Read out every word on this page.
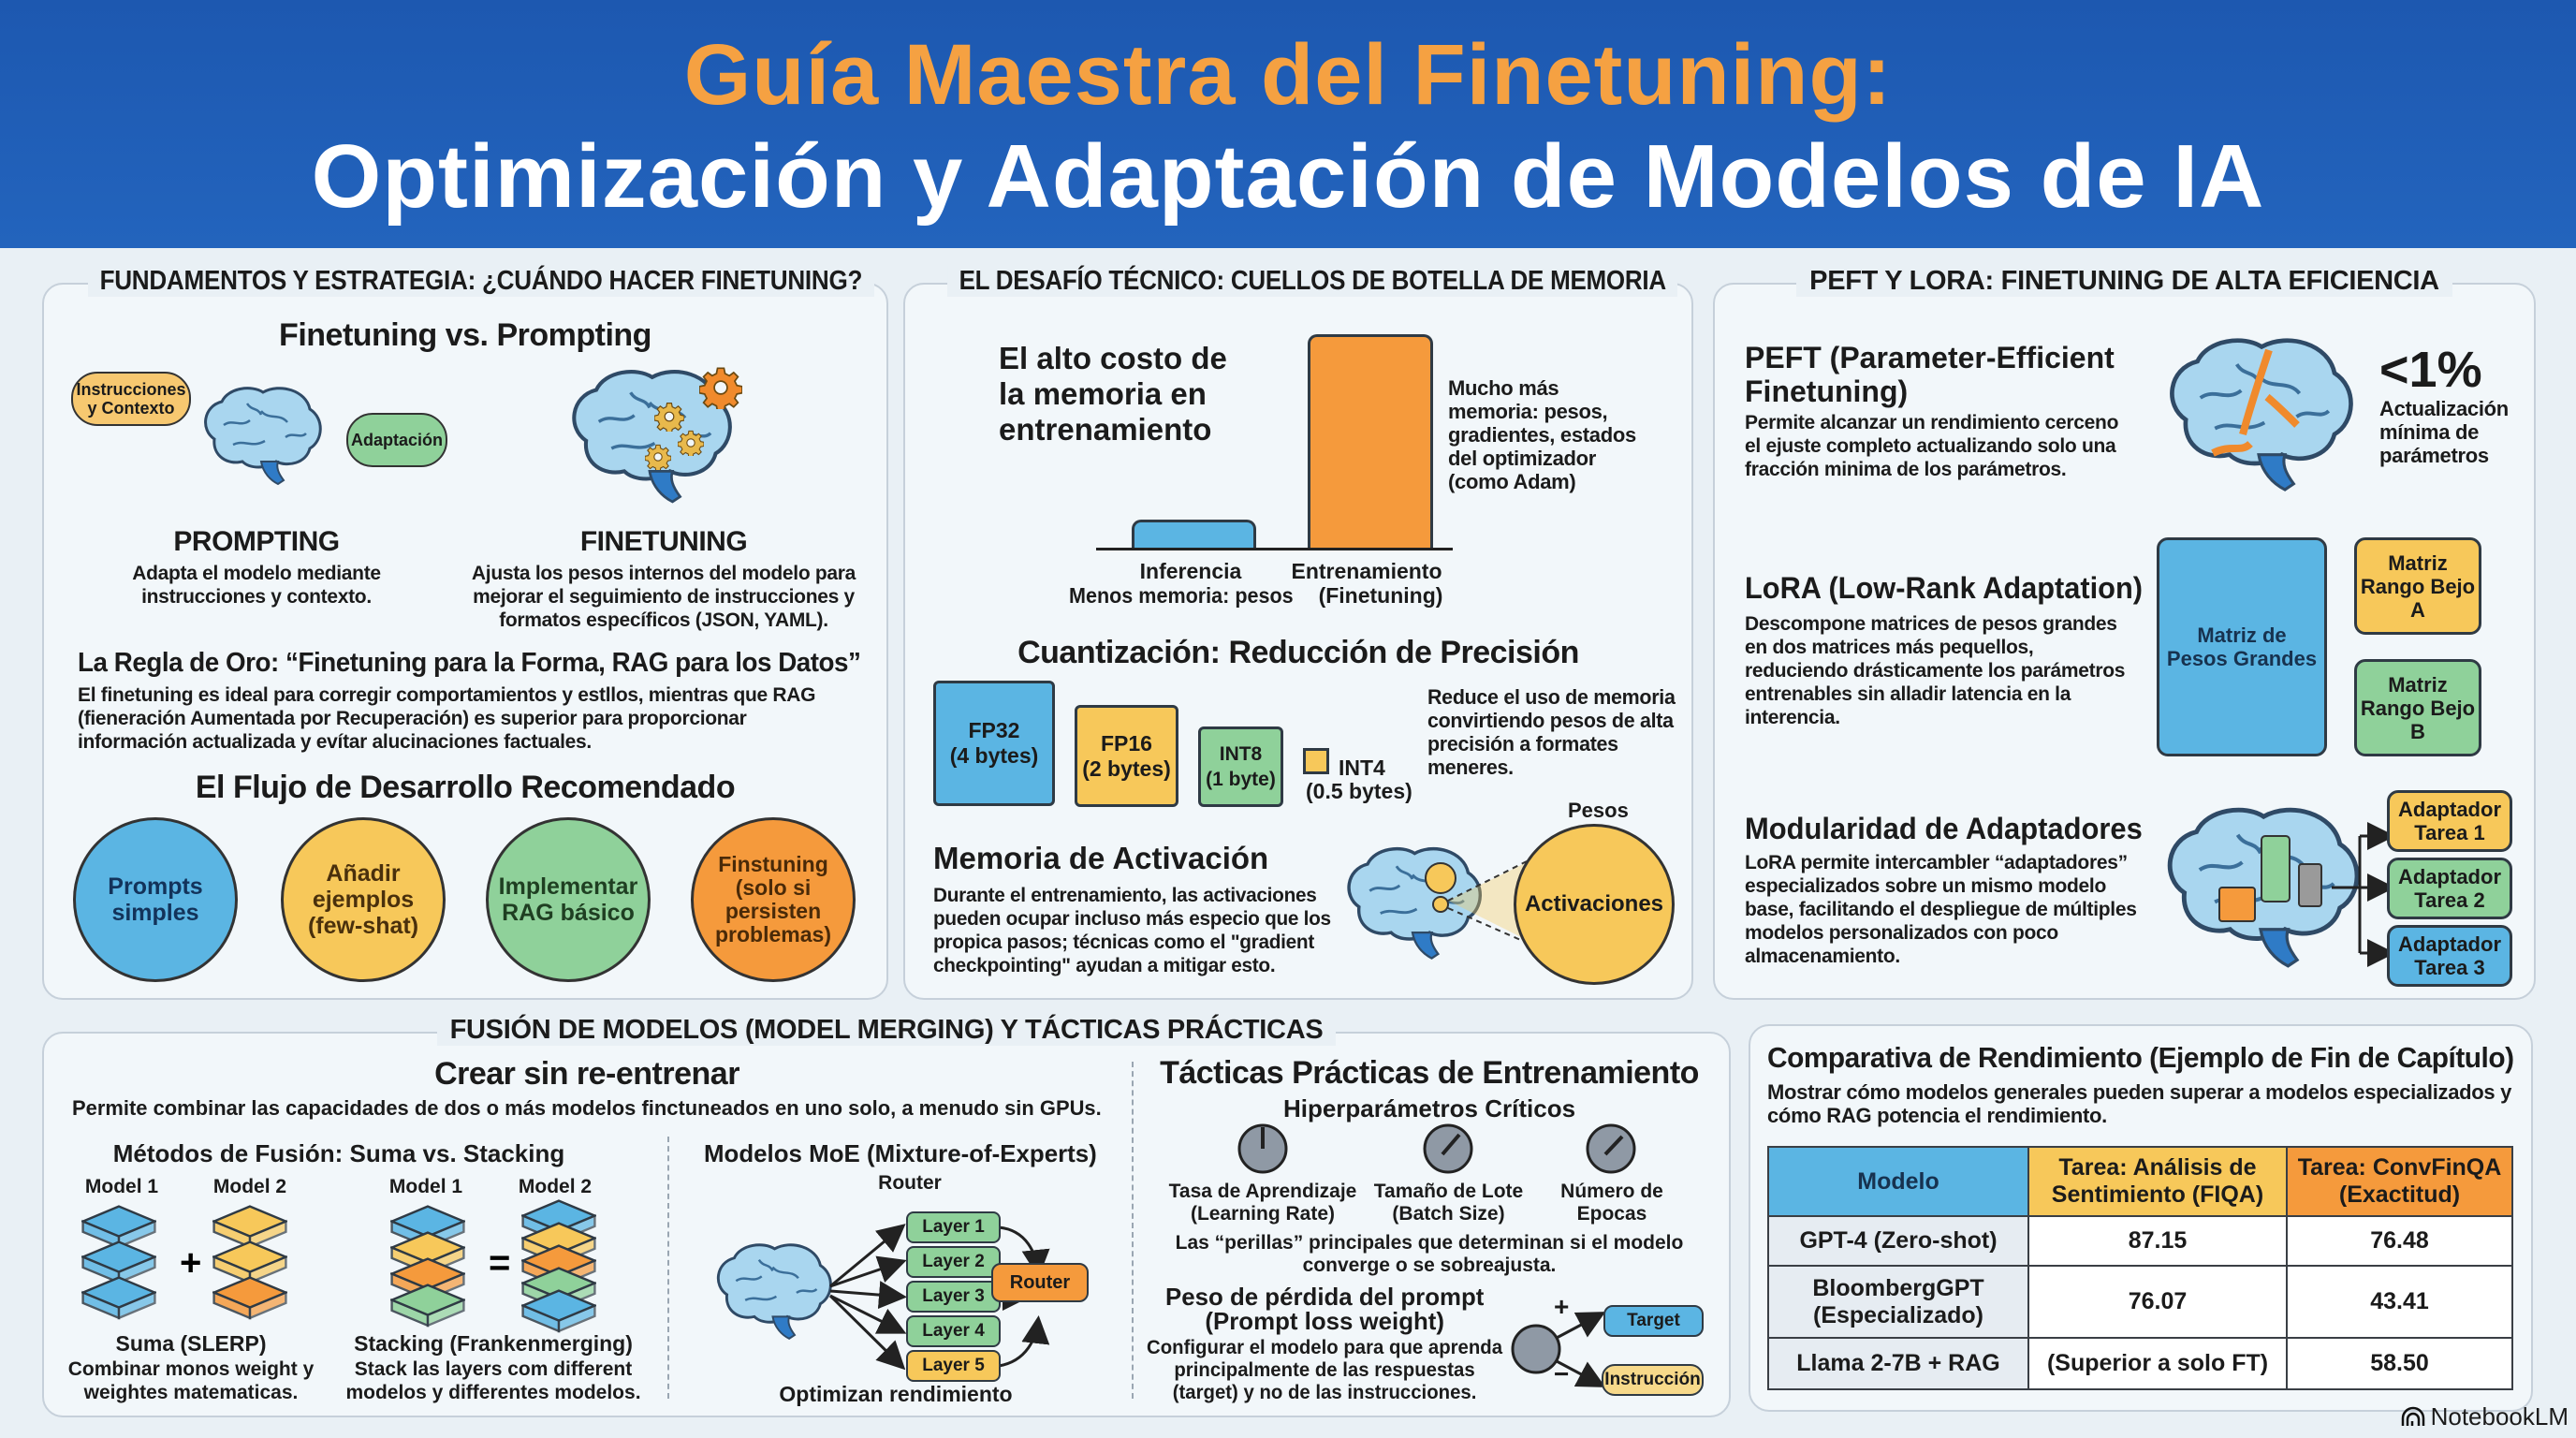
Guía Maestra del Finetuning:
Optimización y Adaptación de Modelos de IA
FUNDAMENTOS Y ESTRATEGIA: ¿CUÁNDO HACER FINETUNING?
Finetuning vs. Prompting
Instrucciones
y Contexto
Adaptación
PROMPTING
Adapta el modelo mediante
instrucciones y contexto.
FINETUNING
Ajusta los pesos internos del modelo para
mejorar el seguimiento de instrucciones y
formatos específicos (JSON, YAML).
La Regla de Oro: “Finetuning para la Forma, RAG para los Datos”
El finetuning es ideal para corregir comportamientos y estllos, mientras que RAG
(fieneración Aumentada por Recuperación) es superior para proporcionar
información actualizada y evítar alucinaciones factuales.
El Flujo de Desarrollo Recomendado
Prompts
simples
Añadir
ejemplos
(few-shat)
Implementar
RAG básico
Finstuning
(solo si
persisten
problemas)
EL DESAFÍO TÉCNICO: CUELLOS DE BOTELLA DE MEMORIA
El alto costo de
la memoria en
entrenamiento
Mucho más
memoria: pesos,
gradientes, estados
del optimizador
(como Adam)
Inferencia
Menos memoria: pesos
Entrenamiento
(Finetuning)
Cuantización: Reducción de Precisión
FP32
(4 bytes)
FP16
(2 bytes)
INT8
(1 byte)	INT4
(0.5 bytes)
Reduce el uso de memoria
convirtiendo pesos de alta
precisión a formates
meneres.
Pesos
Memoria de Activación
Durante el entrenamiento, las activaciones
pueden ocupar incluso más especio que los
propica pasos; técnicas como el "gradient
checkpointing" ayudan a mitigar esto.
Activaciones
PEFT Y LORA: FINETUNING DE ALTA EFICIENCIA
PEFT (Parameter-Efficient
Finetuning)
Permite alcanzar un rendimiento cerceno
el ejuste completo actualizando solo una
fracción minima de los parámetros.
<1%
Actualización
mínima de
parámetros
LoRA (Low-Rank Adaptation)
Descompone matrices de pesos grandes
en dos matrices más pequellos,
reduciendo drásticamente los parámetros
entrenables sin alladir latencia en la
interencia.
Matriz de
Pesos Grandes
Matriz
Rango Bejo
A
Matriz
Rango Bejo
B
Modularidad de Adaptadores
LoRA permite intercambler “adaptadores”
especializados sobre un mismo modelo
base, facilitando el despliegue de múltiples
modelos personalizados con poco
almacenamiento.
Adaptador
Tarea 1
Adaptador
Tarea 2
Adaptador
Tarea 3
FUSIÓN DE MODELOS (MODEL MERGING) Y TÁCTICAS PRÁCTICAS
Crear sin re-entrenar
Permite combinar las capacidades de dos o más modelos finctuneados en uno solo, a menudo sin GPUs.
Métodos de Fusión: Suma vs. Stacking
Model 1	Model 2	Model 1	Model 2
+	=
Suma (SLERP)
Combinar monos weight y
weightes matematicas.
Stacking (Frankenmerging)
Stack las layers com different
modelos y differentes modelos.
Modelos MoE (Mixture-of-Experts)
Router
Layer 1
Layer 2
Layer 3
Layer 4
Layer 5
Router
Optimizan rendimiento
Tácticas Prácticas de Entrenamiento
Hiperparámetros Críticos
Tasa de Aprendizaje
(Learning Rate)
Tamaño de Lote
(Batch Size)
Número de
Epocas
Las “perillas” principales que determinan si el modelo
converge o se sobreajusta.
Peso de pérdida del prompt
(Prompt loss weight)
Configurar el modelo para que aprenda
principalmente de las respuestas
(target) y no de las instrucciones.
+
−
Target
Instrucción
Comparativa de Rendimiento (Ejemplo de Fin de Capítulo)
Mostrar cómo modelos generales pueden superar a modelos especializados y
cómo RAG potencia el rendimiento.
Modelo	Tarea: Análisis de
Sentimiento (FIQA)	Tarea: ConvFinQA
(Exactitud)
GPT-4 (Zero-shot)	87.15	76.48
BloombergGPT
(Especializado)	76.07	43.41
Llama 2-7B + RAG	(Superior a solo FT)	58.50
NotebookLM
